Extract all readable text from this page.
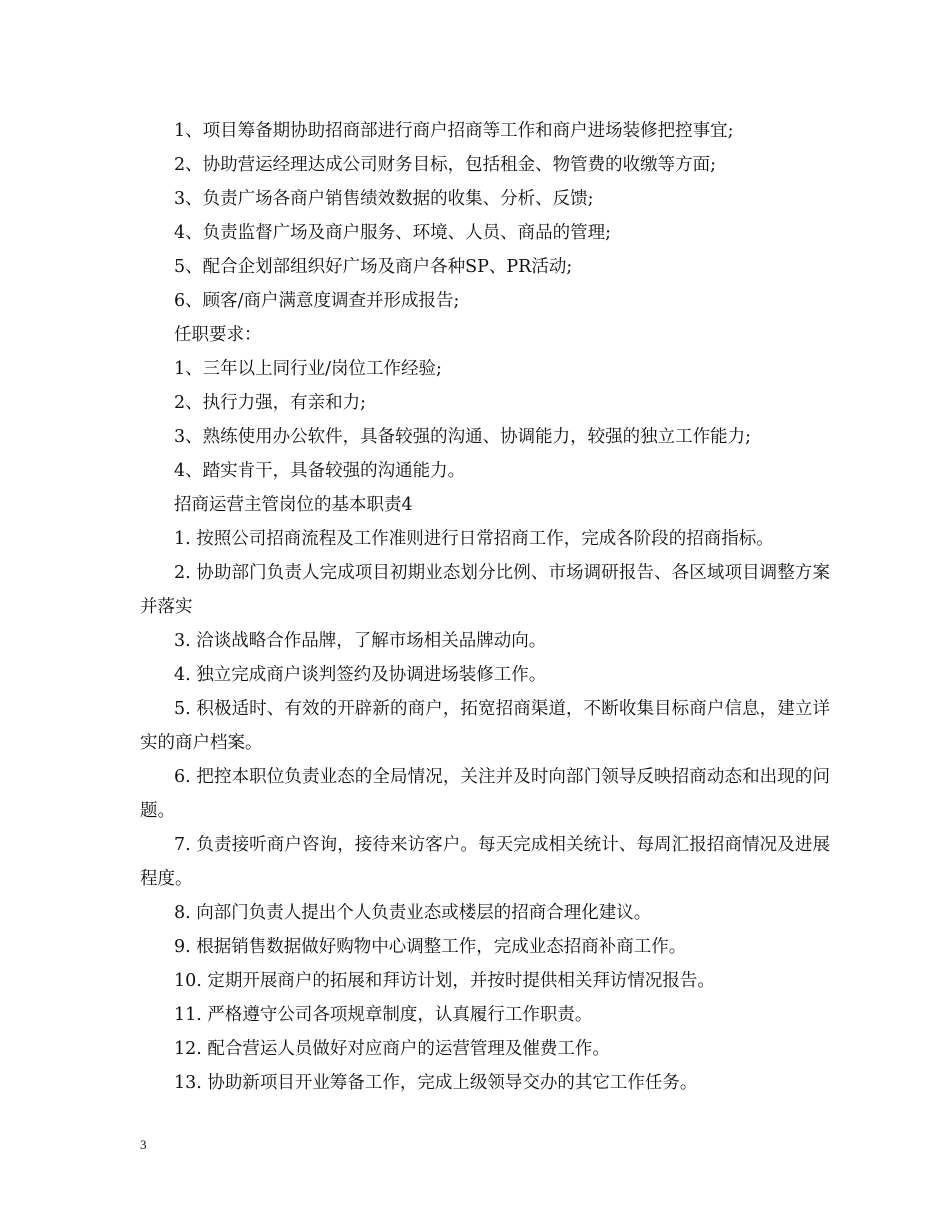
1、项目筹备期协助招商部进行商户招商等工作和商户进场装修把控事宜;

2、协助营运经理达成公司财务目标，包括租金、物管费的收缴等方面;

3、负责广场各商户销售绩效数据的收集、分析、反馈;

4、负责监督广场及商户服务、环境、人员、商品的管理;

5、配合企划部组织好广场及商户各种SP、PR活动;

6、顾客/商户满意度调查并形成报告;

任职要求：

1、三年以上同行业/岗位工作经验;

2、执行力强，有亲和力;

3、熟练使用办公软件，具备较强的沟通、协调能力，较强的独立工作能力;

4、踏实肯干，具备较强的沟通能力。

招商运营主管岗位的基本职责4

1. 按照公司招商流程及工作准则进行日常招商工作，完成各阶段的招商指标。

2. 协助部门负责人完成项目初期业态划分比例、市场调研报告、各区域项目调整方案并落实

3. 洽谈战略合作品牌，了解市场相关品牌动向。

4. 独立完成商户谈判签约及协调进场装修工作。

5. 积极适时、有效的开辟新的商户，拓宽招商渠道，不断收集目标商户信息，建立详实的商户档案。

6. 把控本职位负责业态的全局情况，关注并及时向部门领导反映招商动态和出现的问题。

7. 负责接听商户咨询，接待来访客户。每天完成相关统计、每周汇报招商情况及进展程度。

8. 向部门负责人提出个人负责业态或楼层的招商合理化建议。

9. 根据销售数据做好购物中心调整工作，完成业态招商补商工作。

10. 定期开展商户的拓展和拜访计划，并按时提供相关拜访情况报告。

11. 严格遵守公司各项规章制度，认真履行工作职责。

12. 配合营运人员做好对应商户的运营管理及催费工作。

13. 协助新项目开业筹备工作，完成上级领导交办的其它工作任务。

3
